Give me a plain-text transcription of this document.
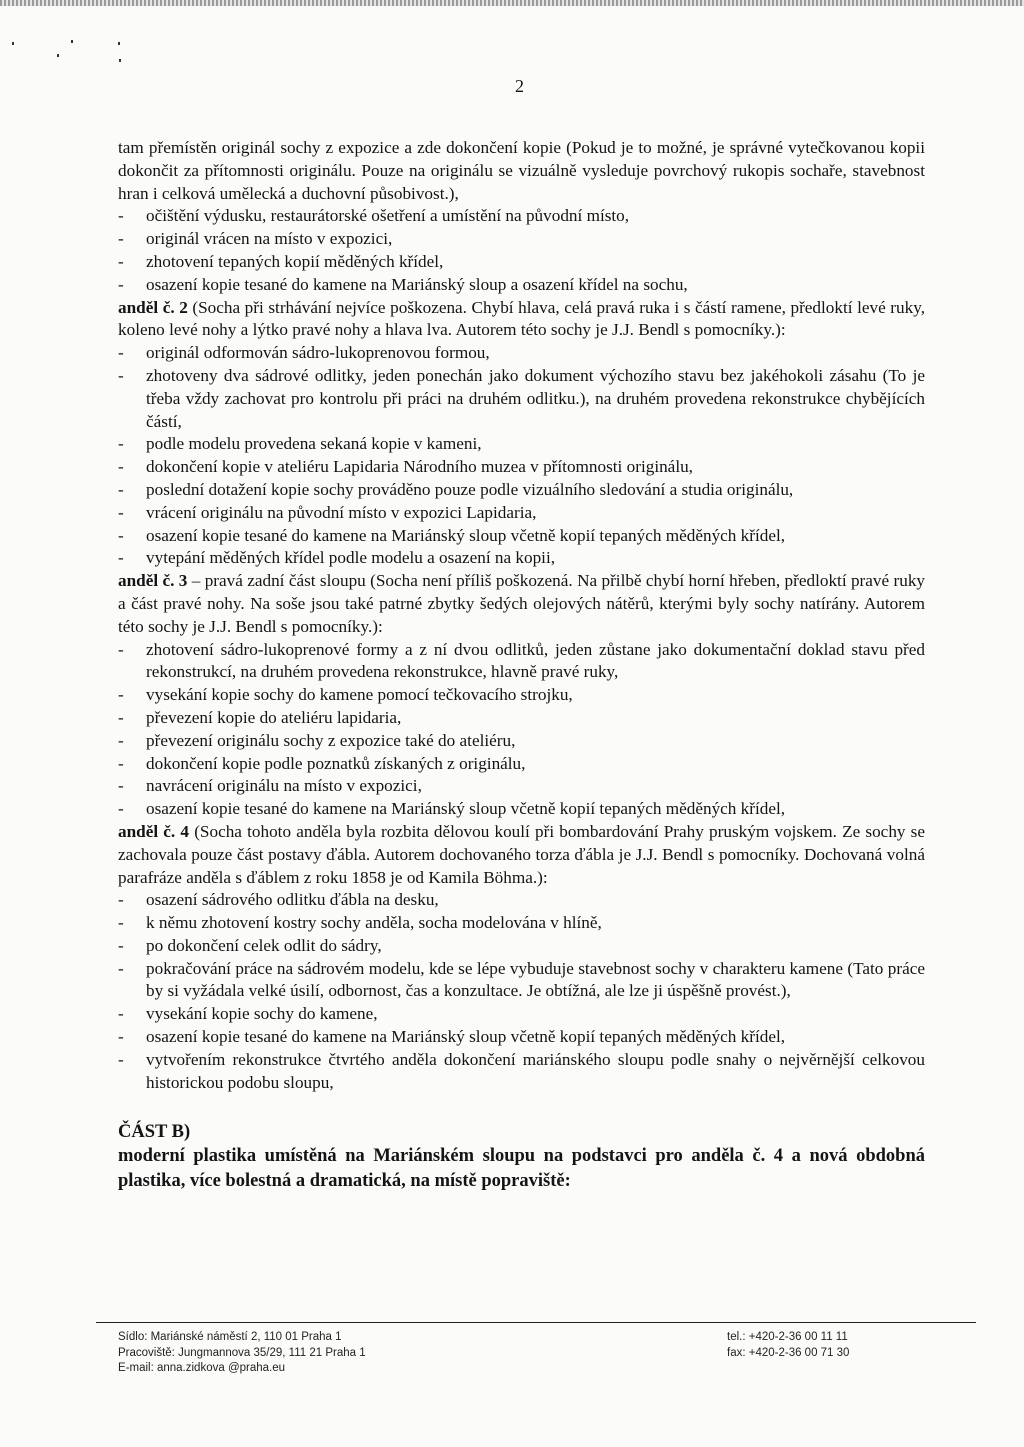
2

tam přemístěn originál sochy z expozice a zde dokončení kopie (Pokud je to možné, je správné vytečkovanou kopii dokončit za přítomnosti originálu. Pouze na originálu se vizuálně vysleduje povrchový rukopis sochaře, stavebnost hran i celková umělecká a duchovní působivost.),

- očištění výdusku, restaurátorské ošetření a umístění na původní místo,
- originál vrácen na místo v expozici,
- zhotovení tepaných kopií měděných křídel,
- osazení kopie tesané do kamene na Mariánský sloup a osazení křídel na sochu,

anděl č. 2 (Socha při strhávání nejvíce poškozena. Chybí hlava, celá pravá ruka i s částí ramene, předloktí levé ruky, koleno levé nohy a lýtko pravé nohy a hlava lva. Autorem této sochy je J.J. Bendl s pomocníky.):

- originál odformován sádro-lukoprenovou formou,
- zhotoveny dva sádrové odlitky, jeden ponechán jako dokument výchozího stavu bez jakéhokoli zásahu (To je třeba vždy zachovat pro kontrolu při práci na druhém odlitku.), na druhém provedena rekonstrukce chybějících částí,
- podle modelu provedena sekaná kopie v kameni,
- dokončení kopie v ateliéru Lapidaria Národního muzea v přítomnosti originálu,
- poslední dotažení kopie sochy prováděno pouze podle vizuálního sledování a studia originálu,
- vrácení originálu na původní místo v expozici Lapidaria,
- osazení kopie tesané do kamene na Mariánský sloup včetně kopií tepaných měděných křídel,
- vytepání měděných křídel podle modelu a osazení na kopii,

anděl č. 3 – pravá zadní část sloupu (Socha není příliš poškozená. Na přilbě chybí horní hřeben, předloktí pravé ruky a část pravé nohy. Na soše jsou také patrné zbytky šedých olejových nátěrů, kterými byly sochy natírány. Autorem této sochy je J.J. Bendl s pomocníky.):

- zhotovení sádro-lukoprenové formy a z ní dvou odlitků, jeden zůstane jako dokumentační doklad stavu před rekonstrukcí, na druhém provedena rekonstrukce, hlavně pravé ruky,
- vysekání kopie sochy do kamene pomocí tečkovacího strojku,
- převezení kopie do ateliéru lapidaria,
- převezení originálu sochy z expozice také do ateliéru,
- dokončení kopie podle poznatků získaných z originálu,
- navrácení originálu na místo v expozici,
- osazení kopie tesané do kamene na Mariánský sloup včetně kopií tepaných měděných křídel,

anděl č. 4 (Socha tohoto anděla byla rozbita dělovou koulí při bombardování Prahy pruským vojskem. Ze sochy se zachovala pouze část postavy ďábla. Autorem dochovaného torza ďábla je J.J. Bendl s pomocníky. Dochovaná volná parafráze anděla s ďáblem z roku 1858 je od Kamila Böhma.):

- osazení sádrového odlitku ďábla na desku,
- k němu zhotovení kostry sochy anděla, socha modelována v hlíně,
- po dokončení celek odlit do sádry,
- pokračování práce na sádrovém modelu, kde se lépe vybuduje stavebnost sochy v charakteru kamene (Tato práce by si vyžádala velké úsilí, odbornost, čas a konzultace. Je obtížná, ale lze ji úspěšně provést.),
- vysekání kopie sochy do kamene,
- osazení kopie tesané do kamene na Mariánský sloup včetně kopií tepaných měděných křídel,
- vytvořením rekonstrukce čtvrtého anděla dokončení mariánského sloupu podle snahy o nejvěrnější celkovou historickou podobu sloupu,
ČÁST B)
moderní plastika umístěná na Mariánském sloupu na podstavci pro anděla č. 4 a nová obdobná plastika, více bolestná a dramatická, na místě popraviště:
Sídlo: Mariánské náměstí 2, 110 01 Praha 1
Pracoviště: Jungmannova 35/29, 111 21 Praha 1
E-mail: anna.zidkova @praha.eu
tel.: +420-2-36 00 11 11
fax: +420-2-36 00 71 30
